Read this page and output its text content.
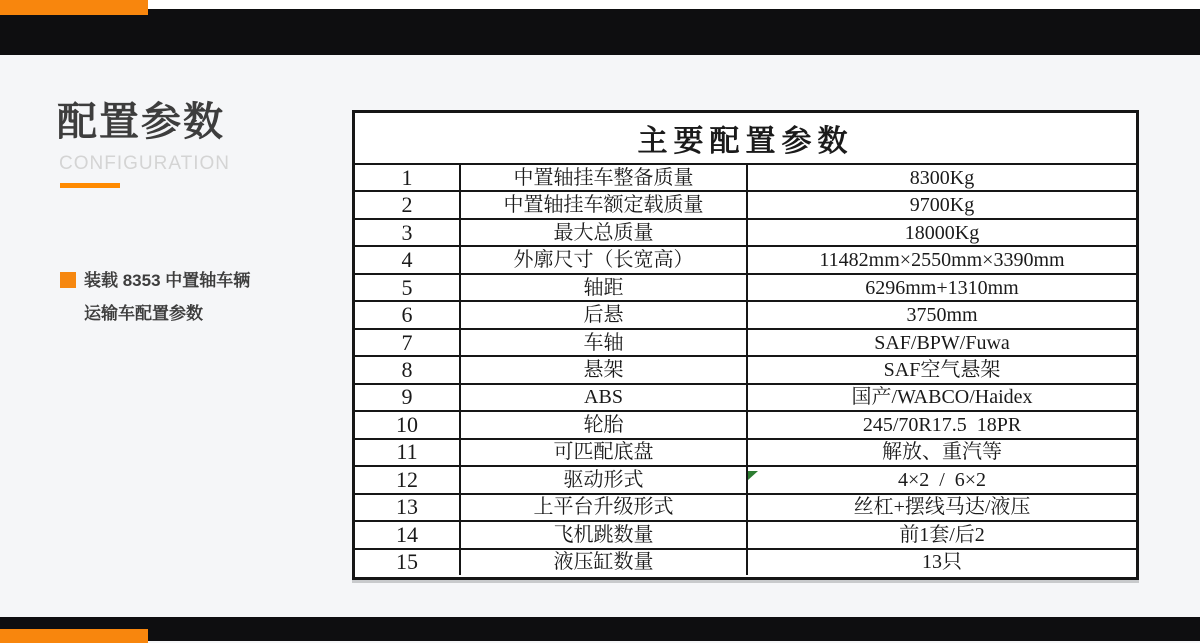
配置参数
CONFIGURATION
装载 8353 中置轴车辆
运输车配置参数
主要配置参数
1	中置轴挂车整备质量	8300Kg
2	中置轴挂车额定载质量	9700Kg
3	最大总质量	18000Kg
4	外廓尺寸（长宽高）	11482mm×2550mm×3390mm
5	轴距	6296mm+1310mm
6	后悬	3750mm
7	车轴	SAF/BPW/Fuwa
8	悬架	SAF空气悬架
9	ABS	国产/WABCO/Haidex
10	轮胎	245/70R17.5  18PR
11	可匹配底盘	解放、重汽等
12	驱动形式	4×2  /  6×2
13	上平台升级形式	丝杠+摆线马达/液压
14	飞机跳数量	前1套/后2
15	液压缸数量	13只
